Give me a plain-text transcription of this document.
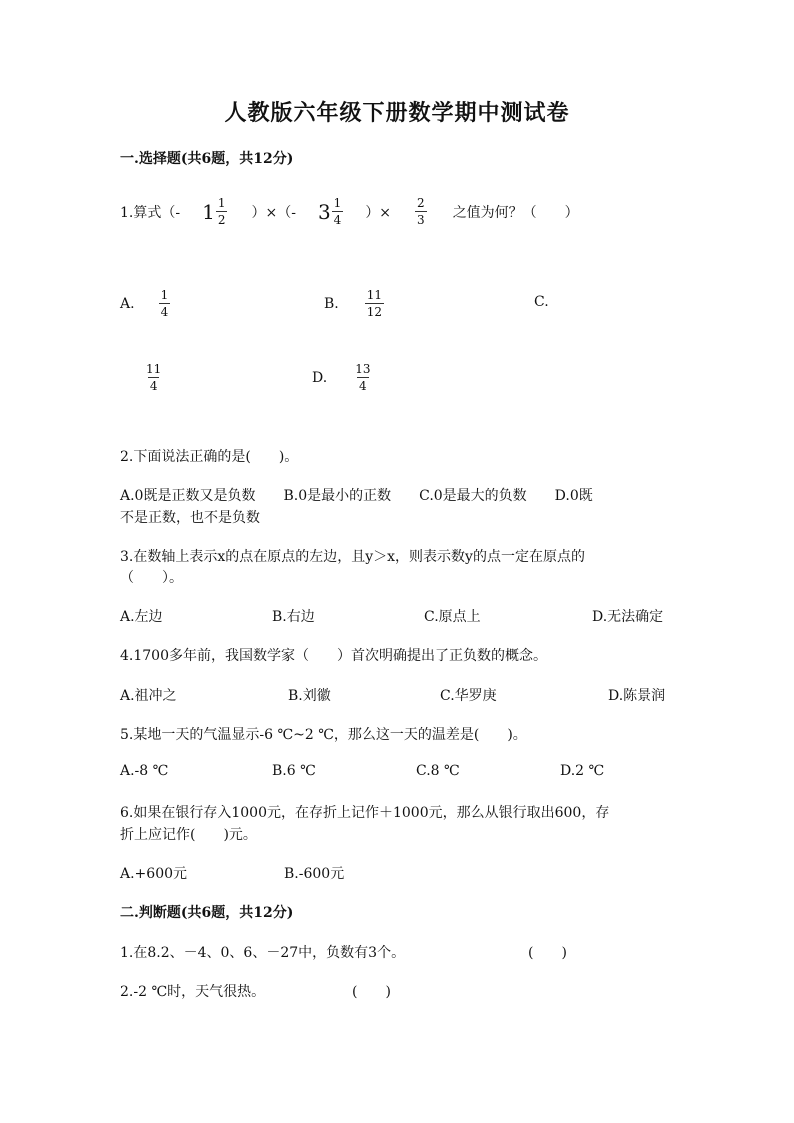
人教版六年级下册数学期中测试卷
一.选择题(共6题，共12分)
1.算式（- $1 \frac{1}{2}$ ）×（- $3 \frac{1}{4}$ ）× $\frac{2}{3}$ 之值为何？（　　）
A. $\frac{1}{4}$	B. $\frac{11}{12}$	C.
$\frac{11}{4}$	D. $\frac{13}{4}$
2.下面说法正确的是(　　)。
A.0既是正数又是负数　　B.0是最小的正数　　C.0是最大的负数　　D.0既
不是正数，也不是负数
3.在数轴上表示x的点在原点的左边，且y＞x，则表示数y的点一定在原点的
（　　）。
A.左边	B.右边	C.原点上	D.无法确定
4.1700多年前，我国数学家（　　）首次明确提出了正负数的概念。
A.祖冲之	B.刘徽	C.华罗庚	D.陈景润
5.某地一天的气温显示-6 ℃~2 ℃，那么这一天的温差是(　　)。
A.-8 ℃	B.6 ℃	C.8 ℃	D.2 ℃
6.如果在银行存入1000元，在存折上记作＋1000元，那么从银行取出600，存
折上应记作(　　)元。
A.+600元	B.-600元
二.判断题(共6题，共12分)
1.在8.2、－4、0、6、－27中，负数有3个。	(　　)
2.-2 ℃时，天气很热。	(　　)
